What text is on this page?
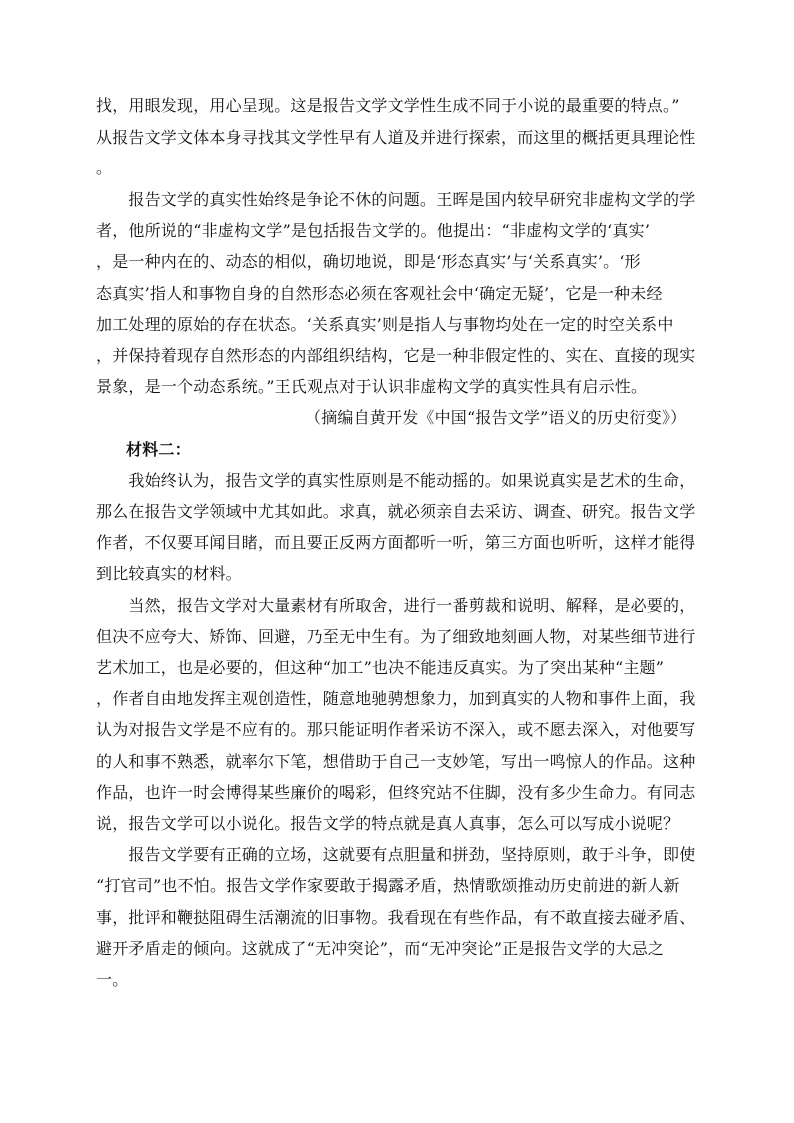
找，用眼发现，用心呈现。这是报告文学文学性生成不同于小说的最重要的特点。”
从报告文学文体本身寻找其文学性早有人道及并进行探索，而这里的概括更具理论性
。
　　报告文学的真实性始终是争论不休的问题。王晖是国内较早研究非虚构文学的学
者，他所说的“非虚构文学”是包括报告文学的。他提出：“非虚构文学的‘真实’
，是一种内在的、动态的相似，确切地说，即是‘形态真实’与‘关系真实’。‘形
态真实’指人和事物自身的自然形态必须在客观社会中‘确定无疑’，它是一种未经
加工处理的原始的存在状态。‘关系真实’则是指人与事物均处在一定的时空关系中
，并保持着现存自然形态的内部组织结构，它是一种非假定性的、实在、直接的现实
景象，是一个动态系统。”王氏观点对于认识非虚构文学的真实性具有启示性。
（摘编自黄开发《中国“报告文学”语义的历史衍变》）
材料二：
　　我始终认为，报告文学的真实性原则是不能动摇的。如果说真实是艺术的生命，
那么在报告文学领域中尤其如此。求真，就必须亲自去采访、调查、研究。报告文学
作者，不仅要耳闻目睹，而且要正反两方面都听一听，第三方面也听听，这样才能得
到比较真实的材料。
　　当然，报告文学对大量素材有所取舍，进行一番剪裁和说明、解释，是必要的，
但决不应夸大、矫饰、回避，乃至无中生有。为了细致地刻画人物，对某些细节进行
艺术加工，也是必要的，但这种“加工”也决不能违反真实。为了突出某种“主题”
，作者自由地发挥主观创造性，随意地驰骋想象力，加到真实的人物和事件上面，我
认为对报告文学是不应有的。那只能证明作者采访不深入，或不愿去深入，对他要写
的人和事不熟悉，就率尔下笔，想借助于自己一支妙笔，写出一鸣惊人的作品。这种
作品，也许一时会博得某些廉价的喝彩，但终究站不住脚，没有多少生命力。有同志
说，报告文学可以小说化。报告文学的特点就是真人真事，怎么可以写成小说呢？
　　报告文学要有正确的立场，这就要有点胆量和拼劲，坚持原则，敢于斗争，即使
“打官司”也不怕。报告文学作家要敢于揭露矛盾，热情歌颂推动历史前进的新人新
事，批评和鞭挞阻碍生活潮流的旧事物。我看现在有些作品，有不敢直接去碰矛盾、
避开矛盾走的倾向。这就成了“无冲突论”，而“无冲突论”正是报告文学的大忌之
一。
